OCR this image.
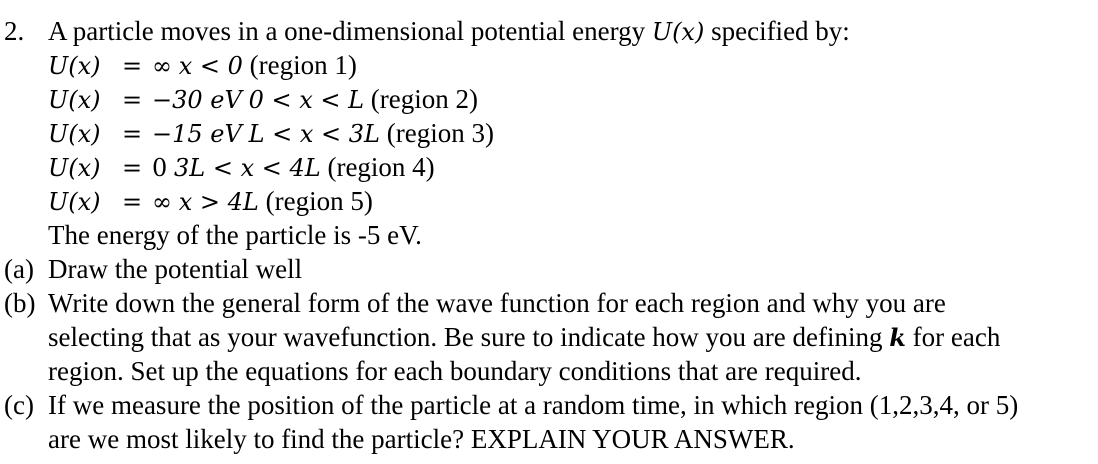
2. A particle moves in a one-dimensional potential energy U(x) specified by:
U(x) = ∞ x < 0 (region 1)
U(x) = −30 eV 0 < x < L (region 2)
U(x) = −15 eV L < x < 3L (region 3)
U(x) = 0 3L < x < 4L (region 4)
U(x) = ∞ x > 4L (region 5)
The energy of the particle is -5 eV.
(a) Draw the potential well
(b) Write down the general form of the wave function for each region and why you are
selecting that as your wavefunction. Be sure to indicate how you are defining k for each
region. Set up the equations for each boundary conditions that are required.
(c) If we measure the position of the particle at a random time, in which region (1,2,3,4, or 5)
are we most likely to find the particle? EXPLAIN YOUR ANSWER.
